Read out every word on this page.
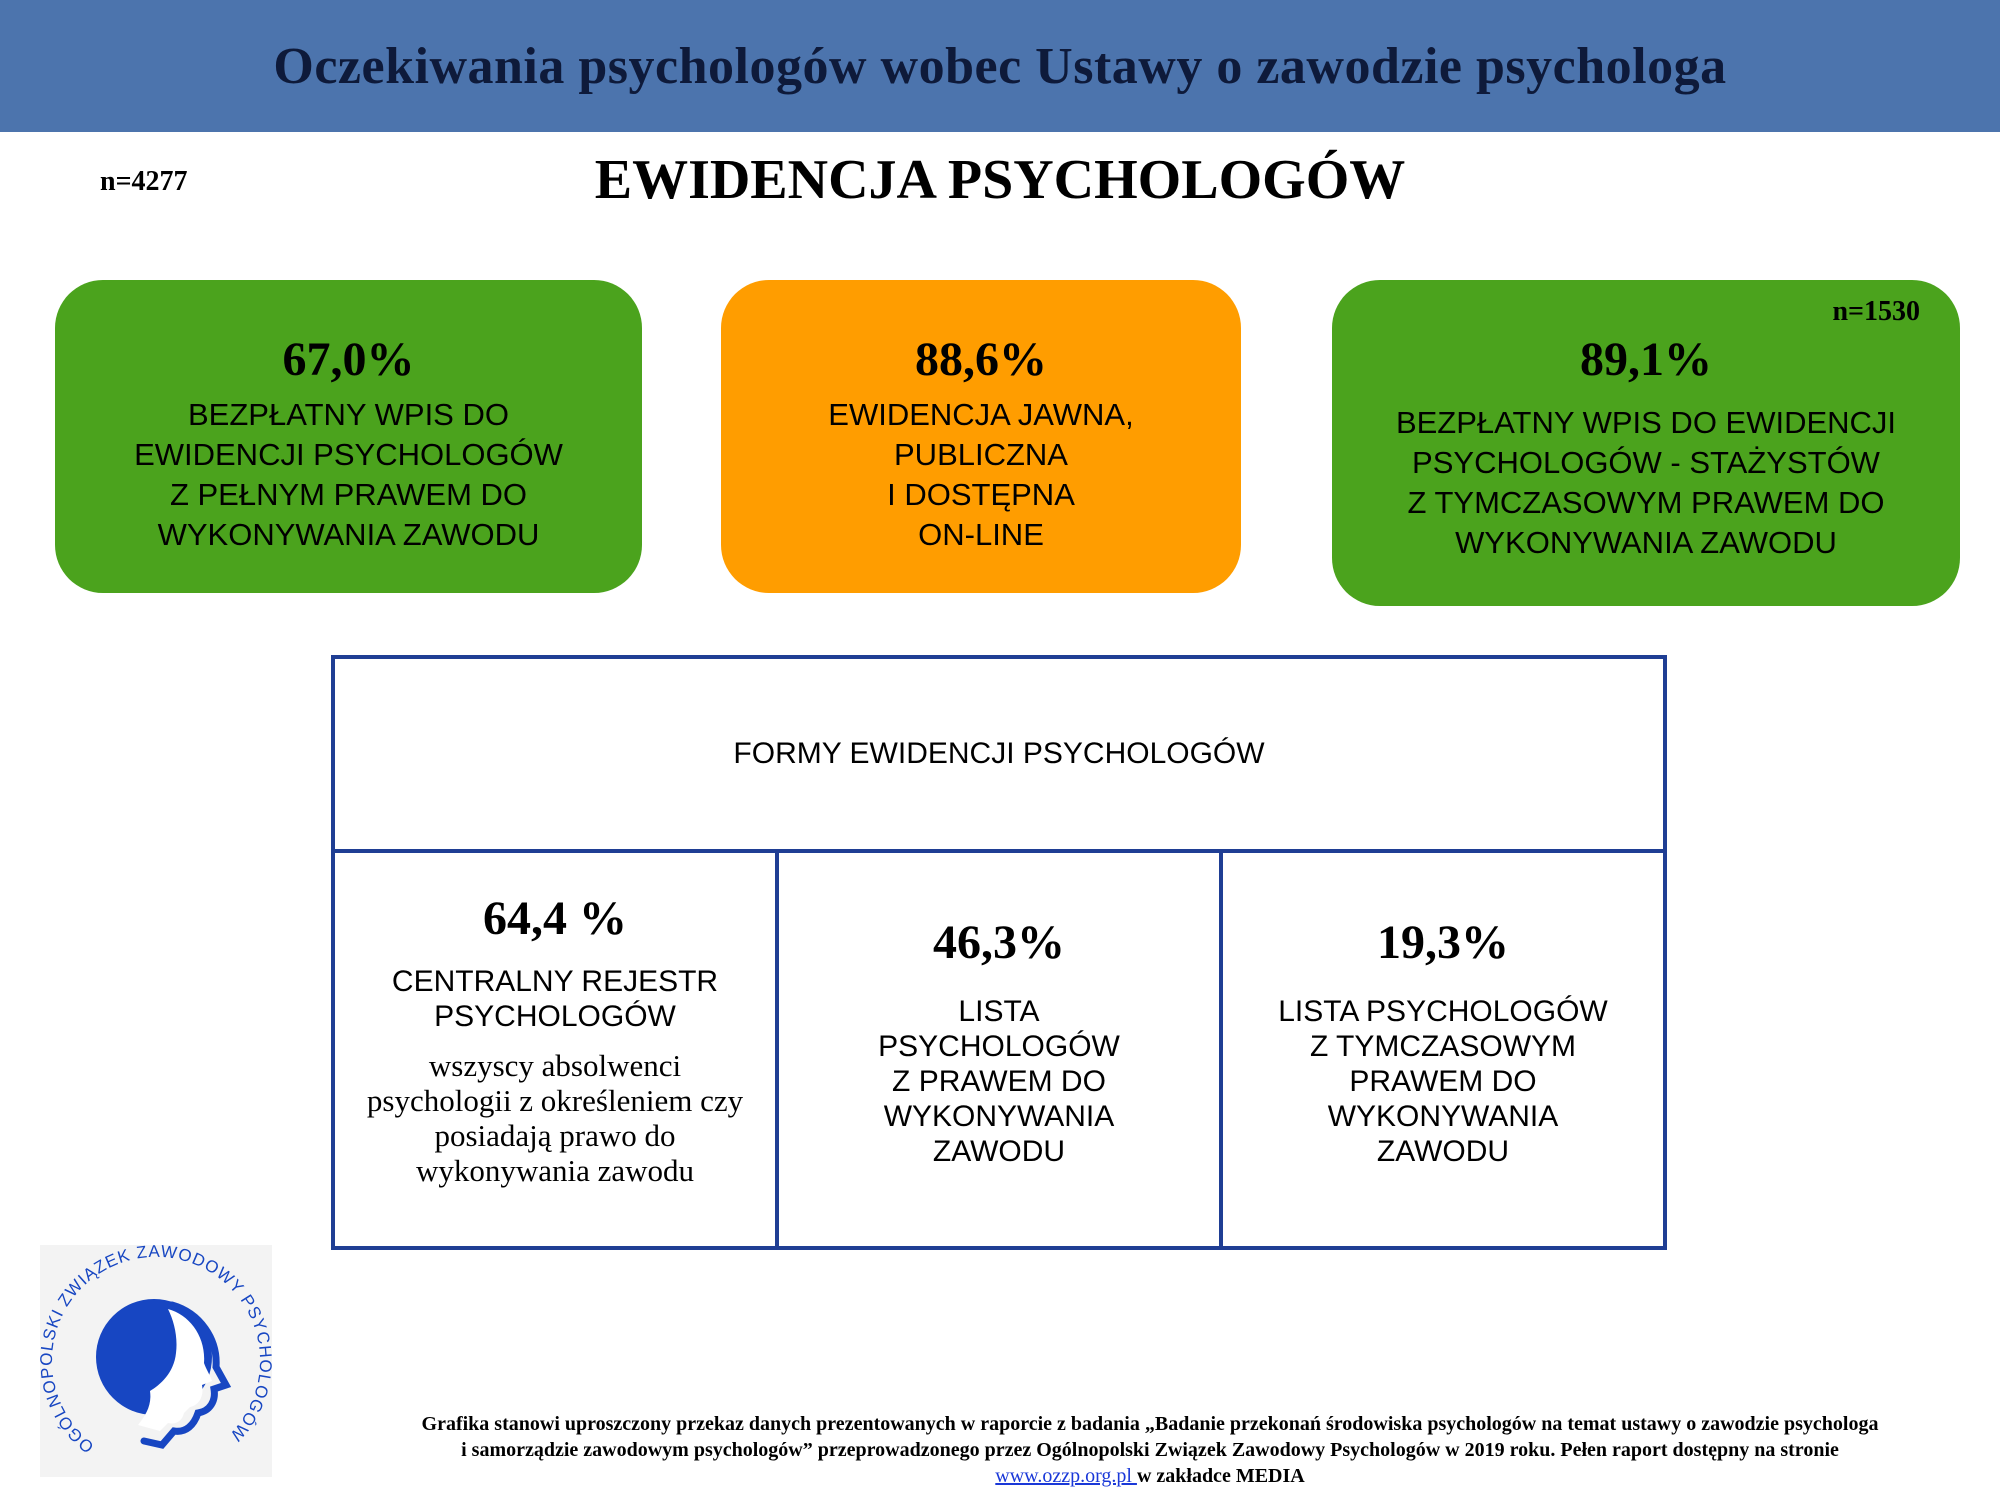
Oczekiwania psychologów wobec Ustawy o zawodzie psychologa
n=4277	EWIDENCJA PSYCHOLOGÓW
67,0%
BEZPŁATNY WPIS DO
EWIDENCJI PSYCHOLOGÓW
Z PEŁNYM PRAWEM DO
WYKONYWANIA ZAWODU
88,6%
EWIDENCJA JAWNA,
PUBLICZNA
I DOSTĘPNA
ON-LINE
n=1530
89,1%
BEZPŁATNY WPIS DO EWIDENCJI
PSYCHOLOGÓW - STAŻYSTÓW
Z TYMCZASOWYM PRAWEM DO
WYKONYWANIA ZAWODU
FORMY EWIDENCJI PSYCHOLOGÓW
64,4 %
CENTRALNY REJESTR
PSYCHOLOGÓW
wszyscy absolwenci
psychologii z określeniem czy
posiadają prawo do
wykonywania zawodu
46,3%
LISTA
PSYCHOLOGÓW
Z PRAWEM DO
WYKONYWANIA
ZAWODU
19,3%
LISTA PSYCHOLOGÓW
Z TYMCZASOWYM
PRAWEM DO
WYKONYWANIA
ZAWODU
OGÓLNO SKI ZWIĄZEK ZAWODOWY PSYC OGÓW	Grafika stanowi uproszczony przekaz danych prezentowanych w raporcie z badania „Badanie przekonań środowiska psychologów na temat ustawy o zawodzie psychologa
i samorządzie zawodowym psychologów” przeprowadzonego przez Ogólnopolski Związek Zawodowy Psychologów w 2019 roku. Pełen raport dostępny na stronie
www.ozzp.org.pl w zakładce MEDIA
